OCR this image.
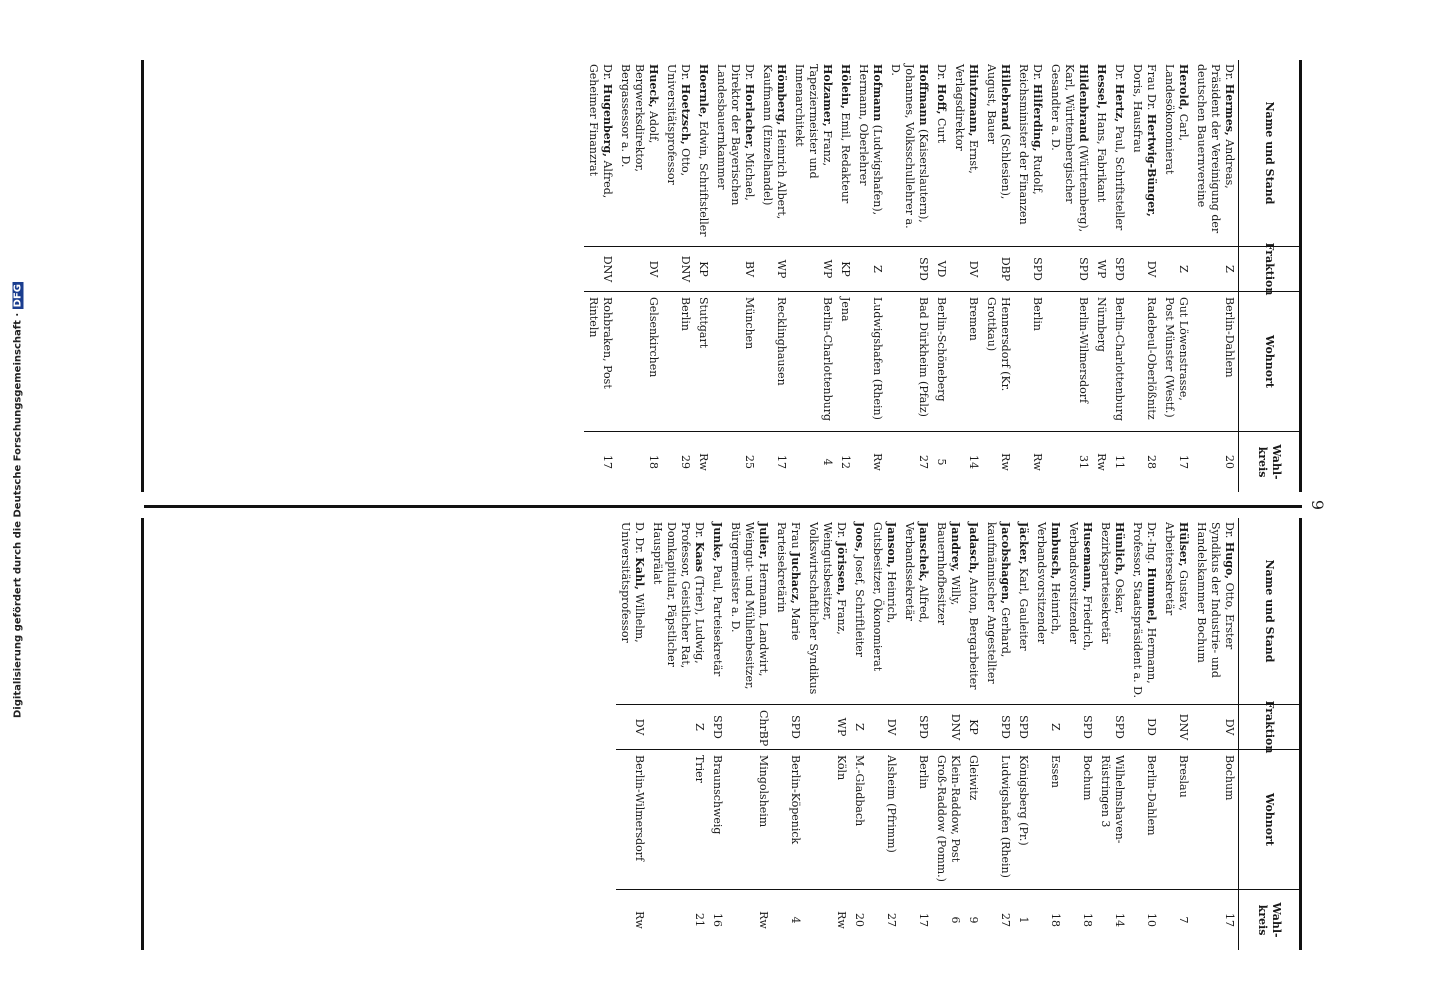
Digitalisierung gefördert durch die Deutsche Forschungsgemeinschaft · DFG
9
Name und Stand
Fraktion
Wohnort
Wahl-kreis
Dr. Hermes, Andreas, Präsident der Vereinigung der deutschen Bauernvereine
Z
Berlin-Dahlem
20
Herold, Carl, Landesökonomierat
Z
Gut Löwenstrasse, Post Münster (Westf.)
17
Frau Dr. Hertwig-Bünger, Doris, Hausfrau
DV
Radebeul-Oberlößnitz
28
Dr. Hertz, Paul, Schriftsteller
SPD
Berlin-Charlottenburg
11
Hessel, Hans, Fabrikant
WP
Nürnberg
Rw
Hildenbrand (Württemberg), Karl, Württembergischer Gesandter a. D.
SPD
Berlin-Wilmersdorf
31
Dr. Hilferding, Rudolf, Reichsminister der Finanzen
SPD
Berlin
Rw
Hillebrand (Schlesien), August, Bauer
DBP
Hennersdorf (Kr. Grottkau)
Rw
Hintzmann, Ernst, Verlagsdirektor
DV
Bremen
14
Dr. Hoff, Curt
VD
Berlin-Schöneberg
5
Hoffmann (Kaiserslautern), Johannes, Volksschullehrer a. D.
SPD
Bad Dürkheim (Pfalz)
27
Hofmann (Ludwigshafen), Hermann, Oberlehrer
Z
Ludwigshafen (Rhein)
Rw
Hölein, Emil, Redakteur
KP
Jena
12
Holzamer, Franz, Tapeziermeister und Innenarchitekt
WP
Berlin-Charlottenburg
4
Hömberg, Heinrich Albert, Kaufmann (Einzelhandel)
WP
Recklinghausen
17
Dr. Horlacher, Michael, Direktor der Bayerischen Landesbauernkammer
BV
München
25
Hoernle, Edwin, Schriftsteller
KP
Stuttgart
Rw
Dr. Hoetzsch, Otto, Universitätsprofessor
DNV
Berlin
29
Hueck, Adolf, Bergwerksdirektor, Bergassessor a. D.
DV
Gelsenkirchen
18
Dr. Hugenberg, Alfred, Geheimer Finanzrat
DNV
Rohbraken, Post Rinteln
17
Name und Stand
Fraktion
Wohnort
Wahl-kreis
Dr. Hugo, Otto, Erster Syndikus der Industrie- und Handelskammer Bochum
DV
Bochum
17
Hülser, Gustav, Arbeitersekretär
DNV
Breslau
7
Dr.-Ing. Hummel, Hermann, Professor, Staatspräsident a. D.
DD
Berlin-Dahlem
10
Hünlich, Oskar, Bezirksparteisekretär
SPD
Wilhelmshaven-Rüstringen 3
14
Husemann, Friedrich, Verbandsvorsitzender
SPD
Bochum
18
Imbusch, Heinrich, Verbandsvorsitzender
Z
Essen
18
Jäcker, Karl, Gauleiter
SPD
Königsberg (Pr.)
1
Jacobshagen, Gerhard, kaufmännischer Angestellter
SPD
Ludwigshafen (Rhein)
27
Jadasch, Anton, Bergarbeiter
KP
Gleiwitz
9
Jandrey, Willy, Bauernhofbesitzer
DNV
Klein-Raddow, Post Groß-Raddow (Pomm.)
6
Janschek, Alfred, Verbandssekretär
SPD
Berlin
17
Janson, Heinrich, Gutsbesitzer, Ökonomierat
DV
Alsheim (Pfrimm)
27
Joos, Josef, Schriftleiter
Z
M.-Gladbach
20
Dr. Jörissen, Franz, Weingutsbesitzer, Volkswirtschaftlicher Syndikus
WP
Köln
Rw
Frau Juchacz, Marie Parteisekretärin
SPD
Berlin-Köpenick
4
Julier, Hermann, Landwirt, Weingut- und Mühlenbesitzer, Bürgermeister a. D.
ChrBP
Mingolsheim
Rw
Junke, Paul, Parteisekretär
SPD
Braunschweig
16
Dr. Kaas (Trier), Ludwig, Professor, Geistlicher Rat, Domkapitular, Päpstlicher Hausprälat
Z
Trier
21
D. Dr. Kahl, Wilhelm, Universitätsprofessor
DV
Berlin-Wilmersdorf
Rw
